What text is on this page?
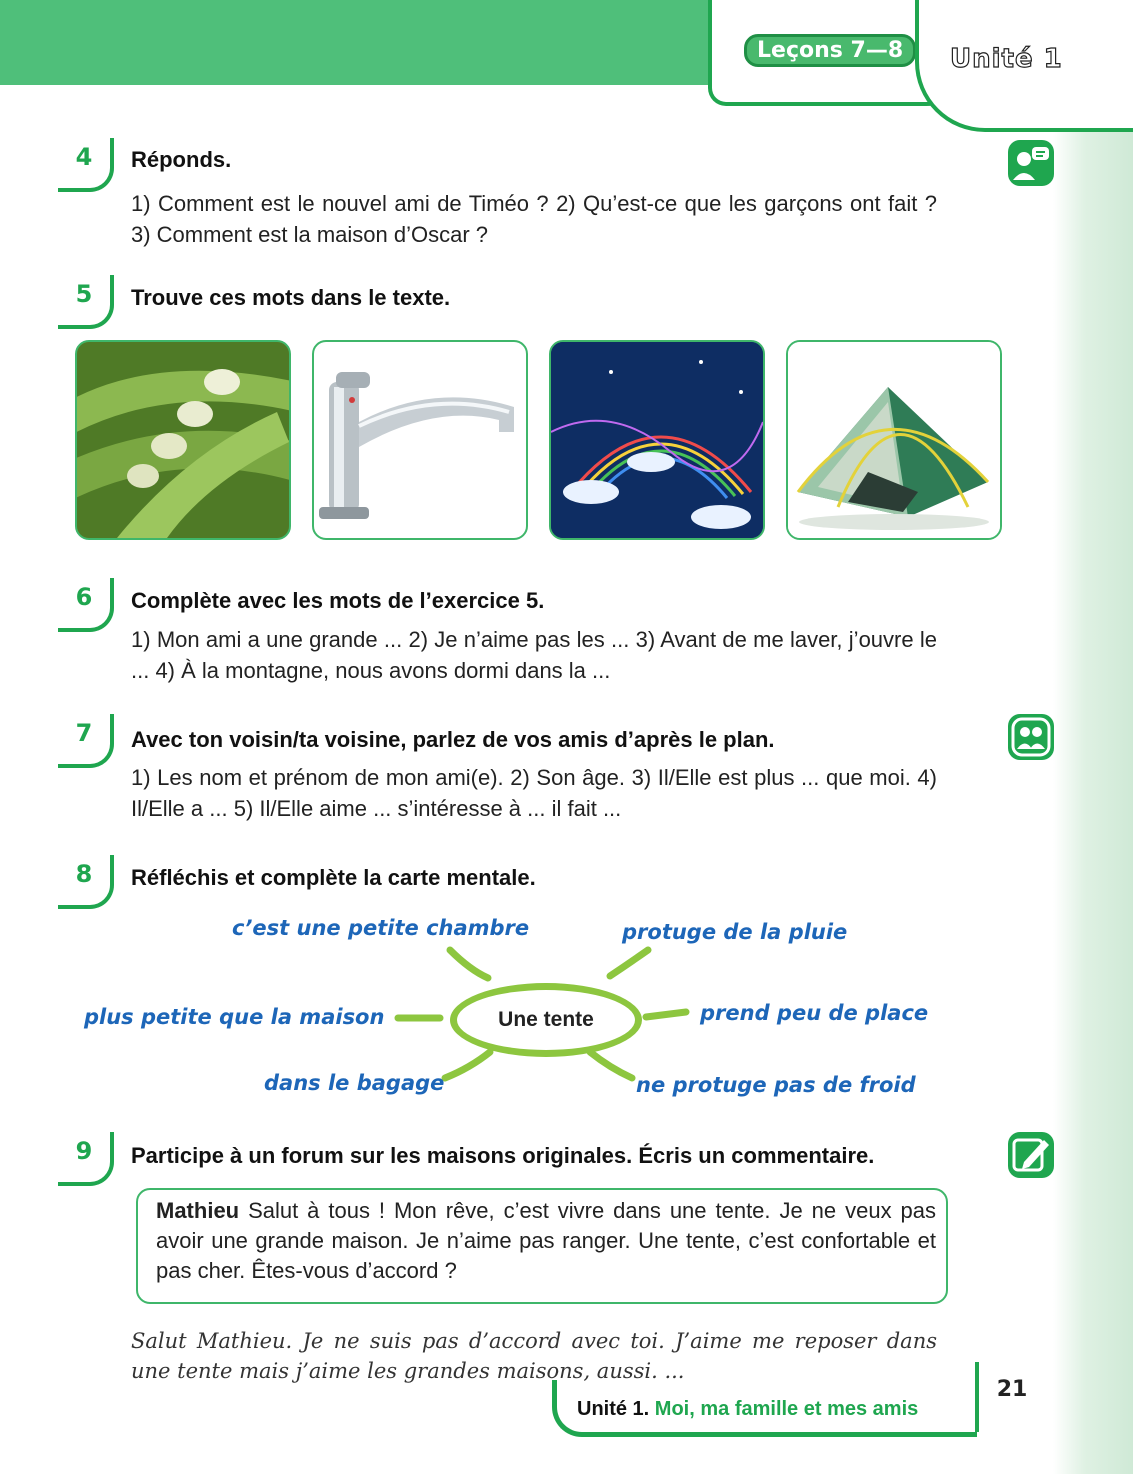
Leçons 7—8	Unité 1
4	Réponds.
1) Comment est le nouvel ami de Timéo ? 2) Qu’est-ce que les garçons ont fait ? 3) Comment est la maison d’Oscar ?
5	Trouve ces mots dans le texte.
6	Complète avec les mots de l’exercice 5.
1) Mon ami a une grande ... 2) Je n’aime pas les ... 3) Avant de me laver, j’ouvre le ... 4) À la montagne, nous avons dormi dans la ...
7	Avec ton voisin/ta voisine, parlez de vos amis d’après le plan.
1) Les nom et prénom de mon ami(e). 2) Son âge. 3) Il/Elle est plus ... que moi. 4) Il/Elle a ... 5) Il/Elle aime ... s’intéresse à ... il fait ...
8	Réfléchis et complète la carte mentale.
Une tente
c’est une petite chambre	protuge de la pluie
plus petite que la maison	prend peu de place
dans le bagage	ne protuge pas de froid
9	Participe à un forum sur les maisons originales. Écris un commentaire.
Mathieu Salut à tous ! Mon rêve, c’est vivre dans une tente. Je ne veux pas avoir une grande maison. Je n’aime pas ranger. Une tente, c’est confortable et pas cher. Êtes-vous d’accord ?
Salut Mathieu. Je ne suis pas d’accord avec toi. J’aime me reposer dans une tente mais j’aime les grandes maisons, aussi. ...
Unité 1. Moi, ma famille et mes amis
21
